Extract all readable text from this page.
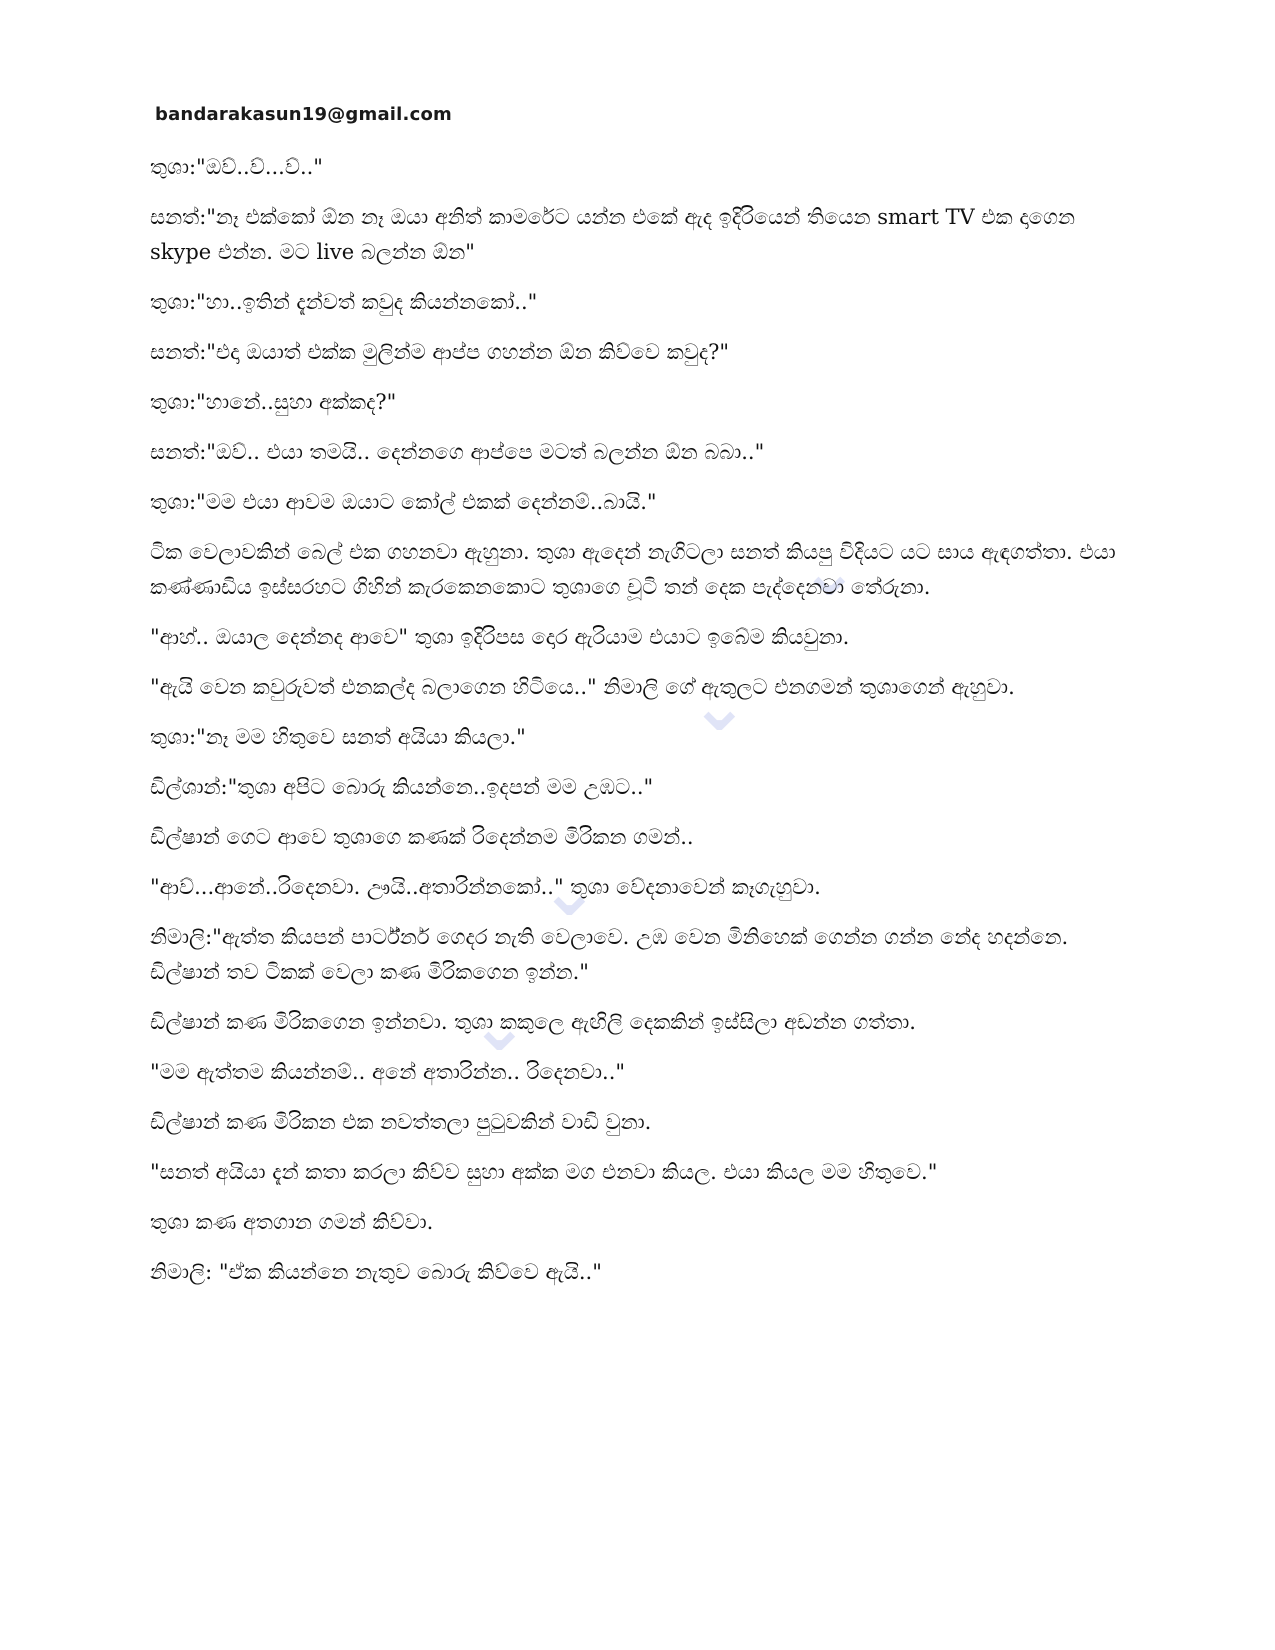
bandarakasun19@gmail.com
⌄
⌄
⌄
⌄

තුශා:"ඔව්..ව්...ව්.."

සනත්:"නෑ එක්කෝ ඕන නෑ ඔයා අනිත් කාමරේට යන්න එකේ ඇද ඉදිරියෙන් තියෙන smart TV එක දාගෙන skype එන්න. මට live බලන්න ඕන"

තුශා:"හා..ඉතින් දැන්වත් කවුද කියන්නකෝ.."

සනත්:"එදා ඔයාත් එක්ක මුලින්ම ආප්ප ගහන්න ඕන කිව්වෙ කවුද?"

තුශා:"හානේ..සුහා අක්කද?"

සනත්:"ඔව්.. එයා තමයි.. දෙන්නගෙ ආප්පෙ මටත් බලන්න ඕන බබා.."

තුශා:"මම එයා ආවම ඔයාට කෝල් එකක් දෙන්නම්..බායි."

ටික වෙලාවකින් බෙල් එක ගහනවා ඇහුනා. තුශා ඇදෙන් නැගිටලා සනත් කියපු විදියට යට සාය ඇඳගත්තා. එයා කණ්ණාඩිය ඉස්සරහට ගිහින් කැරකෙනකොට තුශාගෙ චූටි තන් දෙක පැද්දෙනවා තේරුනා.

"ආහ්.. ඔයාල දෙන්නද ආවෙ" තුශා ඉදිරිපස දොර ඇරියාම එයාට ඉබේම කියවුනා.

"ඇයි වෙන කවුරුවත් එනකල්ද බලාගෙන හිටියෙ.." නිමාලි ගේ ඇතුලට එනගමන් තුශාගෙන් ඇහුවා.

තුශා:"නෑ මම හිතුවෙ සනත් අයියා කියලා."

ඩිල්ශාන්:"තුශා අපිට බොරු කියන්නෙ..ඉදපන් මම උඹට.."

ඩිල්ෂාන් ගෙට ආවෙ තුශාගෙ කණක් රිදෙන්නම මිරිකන ගමන්..

"ආව්...ආනේ..රිදෙනවා. ඌයි..අතාරින්නකෝ.." තුශා වේදනාවෙන් කෑගැහුවා.

නිමාලි:"ඇත්ත කියපන් පාර්ට්නර් ගෙදර නැති වෙලාවෙ. උඹ වෙන මිනිහෙක් ගෙන්න ගන්න නේද හදන්නෙ. ඩිල්ෂාන් තව ටිකක් වෙලා කණ මිරිකගෙන ඉන්න."

ඩිල්ෂාන් කණ මිරිකගෙන ඉන්නවා. තුශා කකුලෙ ඇඟිලි දෙකකින් ඉස්සිලා අඩන්න ගත්තා.

"මම ඇත්තම කියන්නම්.. අනේ අතාරින්න.. රිදෙනවා.."

ඩිල්ෂාන් කණ මිරිකන එක නවත්තලා පුටුවකින් වාඩි වුනා.

"සනත් අයියා දැන් කතා කරලා කිව්ව සුහා අක්ක මග එනවා කියල. එයා කියල මම හිතුවෙ."

තුශා කණ අතගාන ගමන් කිව්වා.

නිමාලි: "ඒක කියන්නෙ නැතුව බොරු කිව්වෙ ඇයි.."
